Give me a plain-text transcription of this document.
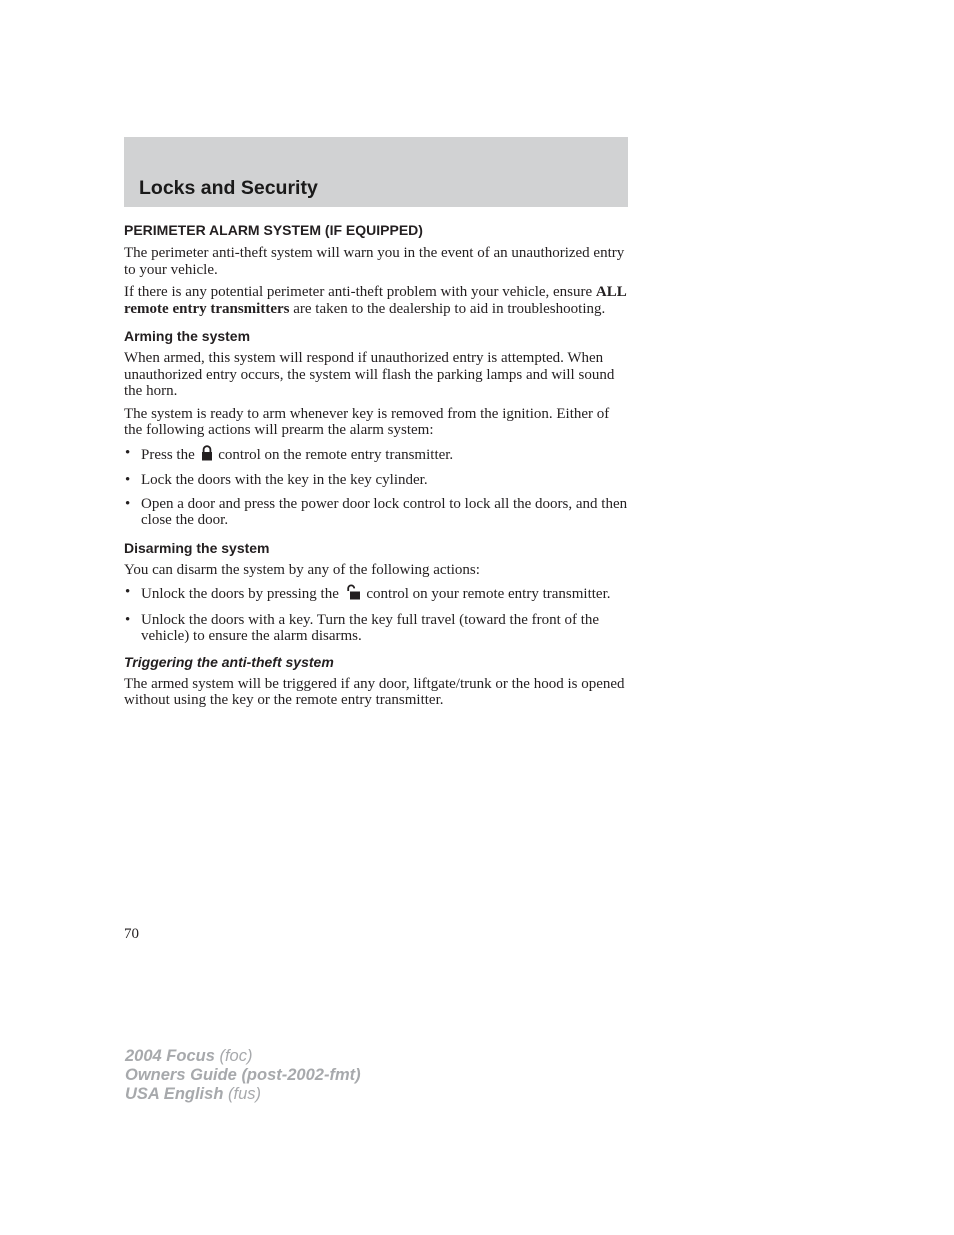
Locks and Security
PERIMETER ALARM SYSTEM (IF EQUIPPED)

The perimeter anti-theft system will warn you in the event of an unauthorized entry to your vehicle.

If there is any potential perimeter anti-theft problem with your vehicle, ensure ALL remote entry transmitters are taken to the dealership to aid in troubleshooting.

Arming the system

When armed, this system will respond if unauthorized entry is attempted. When unauthorized entry occurs, the system will flash the parking lamps and will sound the horn.

The system is ready to arm whenever key is removed from the ignition. Either of the following actions will prearm the alarm system:

• Press the  control on the remote entry transmitter.
• Lock the doors with the key in the key cylinder.
• Open a door and press the power door lock control to lock all the doors, and then close the door.
Disarming the system

You can disarm the system by any of the following actions:

• Unlock the doors by pressing the  control on your remote entry transmitter.
• Unlock the doors with a key. Turn the key full travel (toward the front of the vehicle) to ensure the alarm disarms.
Triggering the anti-theft system

The armed system will be triggered if any door, liftgate/trunk or the hood is opened without using the key or the remote entry transmitter.

70
2004 Focus (foc)
Owners Guide (post-2002-fmt)
USA English (fus)
